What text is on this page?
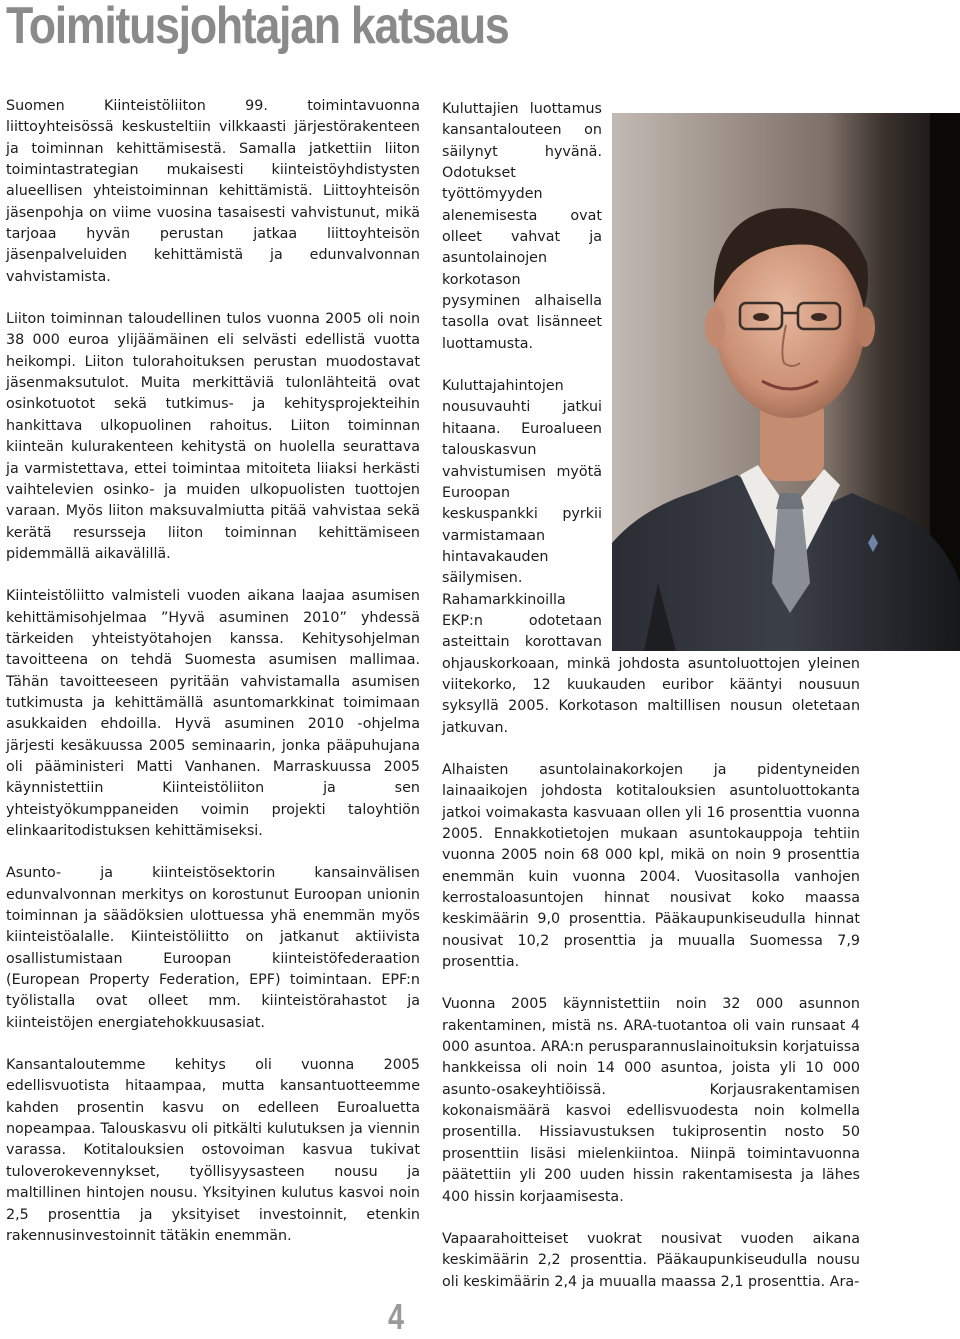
Toimitusjohtajan katsaus

Suomen Kiinteistöliiton 99. toimintavuonna liittoyhteisössä keskusteltiin vilkkaasti järjestörakenteen ja toiminnan kehittämisestä. Samalla jatkettiin liiton toimintastrategian mukaisesti kiinteistöyhdistysten alueellisen yhteistoiminnan kehittämistä. Liittoyhteisön jäsenpohja on viime vuosina tasaisesti vahvistunut, mikä tarjoaa hyvän perustan jatkaa liittoyhteisön jäsenpalveluiden kehittämistä ja edunvalvonnan vahvistamista.

Liiton toiminnan taloudellinen tulos vuonna 2005 oli noin 38 000 euroa ylijäämäinen eli selvästi edellistä vuotta heikompi. Liiton tulorahoituksen perustan muodostavat jäsenmaksutulot. Muita merkittäviä tulonlähteitä ovat osinkotuotot sekä tutkimus- ja kehitysprojekteihin hankittava ulkopuolinen rahoitus. Liiton toiminnan kiinteän kulurakenteen kehitystä on huolella seurattava ja varmistettava, ettei toimintaa mitoiteta liiaksi herkästi vaihtelevien osinko- ja muiden ulkopuolisten tuottojen varaan. Myös liiton maksuvalmiutta pitää vahvistaa sekä kerätä resursseja liiton toiminnan kehittämiseen pidemmällä aikavälillä.

Kiinteistöliitto valmisteli vuoden aikana laajaa asumisen kehittämisohjelmaa ”Hyvä asuminen 2010” yhdessä tärkeiden yhteistyötahojen kanssa. Kehitysohjelman tavoitteena on tehdä Suomesta asumisen mallimaa. Tähän tavoitteeseen pyritään vahvistamalla asumisen tutkimusta ja kehittämällä asuntomarkkinat toimimaan asukkaiden ehdoilla. Hyvä asuminen 2010 -ohjelma järjesti kesäkuussa 2005 seminaarin, jonka pääpuhujana oli pääministeri Matti Vanhanen. Marraskuussa 2005 käynnistettiin Kiinteistöliiton ja sen yhteistyökumppaneiden voimin projekti taloyhtiön elinkaaritodistuksen kehittämiseksi.

Asunto- ja kiinteistösektorin kansainvälisen edunvalvonnan merkitys on korostunut Euroopan unionin toiminnan ja säädöksien ulottuessa yhä enemmän myös kiinteistöalalle. Kiinteistöliitto on jatkanut aktiivista osallistumistaan Euroopan kiinteistöfederaation (European Property Federation, EPF) toimintaan. EPF:n työlistalla ovat olleet mm. kiinteistörahastot ja kiinteistöjen energiatehokkuusasiat.

Kansantaloutemme kehitys oli vuonna 2005 edellisvuotista hitaampaa, mutta kansantuotteemme kahden prosentin kasvu on edelleen Euroaluetta nopeampaa. Talouskasvu oli pitkälti kulutuksen ja viennin varassa. Kotitalouksien ostovoiman kasvua tukivat tuloverokevennykset, työllisyysasteen nousu ja maltillinen hintojen nousu. Yksityinen kulutus kasvoi noin 2,5 prosenttia ja yksityiset investoinnit, etenkin rakennusinvestoinnit tätäkin enemmän.

Kuluttajien luottamus kansantalouteen on säilynyt hyvänä. Odotukset työttömyyden alenemisesta ovat olleet vahvat ja asuntolainojen korkotason pysyminen alhaisella tasolla ovat lisänneet luottamusta.

Kuluttajahintojen nousuvauhti jatkui hitaana. Euroalueen talouskasvun vahvistumisen myötä Euroopan keskuspankki pyrkii varmistamaan hintavakauden säilymisen. Rahamarkkinoilla EKP:n odotetaan asteittain korottavan ohjauskorkoaan, minkä johdosta asuntoluottojen yleinen viitekorko, 12 kuukauden euribor kääntyi nousuun syksyllä 2005. Korkotason maltillisen nousun oletetaan jatkuvan.

Alhaisten asuntolainakorkojen ja pidentyneiden lainaaikojen johdosta kotitalouksien asuntoluottokanta jatkoi voimakasta kasvuaan ollen yli 16 prosenttia vuonna 2005. Ennakkotietojen mukaan asuntokauppoja tehtiin vuonna 2005 noin 68 000 kpl, mikä on noin 9 prosenttia enemmän kuin vuonna 2004. Vuositasolla vanhojen kerrostaloasuntojen hinnat nousivat koko maassa keskimäärin 9,0 prosenttia. Pääkaupunkiseudulla hinnat nousivat 10,2 prosenttia ja muualla Suomessa 7,9 prosenttia.

Vuonna 2005 käynnistettiin noin 32 000 asunnon rakentaminen, mistä ns. ARA-tuotantoa oli vain runsaat 4 000 asuntoa. ARA:n perusparannuslainoituksin korjatuissa hankkeissa oli noin 14 000 asuntoa, joista yli 10 000 asunto-osakeyhtiöissä. Korjausrakentamisen kokonaismäärä kasvoi edellisvuodesta noin kolmella prosentilla. Hissiavustuksen tukiprosentin nosto 50 prosenttiin lisäsi mielenkiintoa. Niinpä toimintavuonna päätettiin yli 200 uuden hissin rakentamisesta ja lähes 400 hissin korjaamisesta.

Vapaarahoitteiset vuokrat nousivat vuoden aikana keskimäärin 2,2 prosenttia. Pääkaupunkiseudulla nousu oli keskimäärin 2,4 ja muualla maassa 2,1 prosenttia. Ara-

4
